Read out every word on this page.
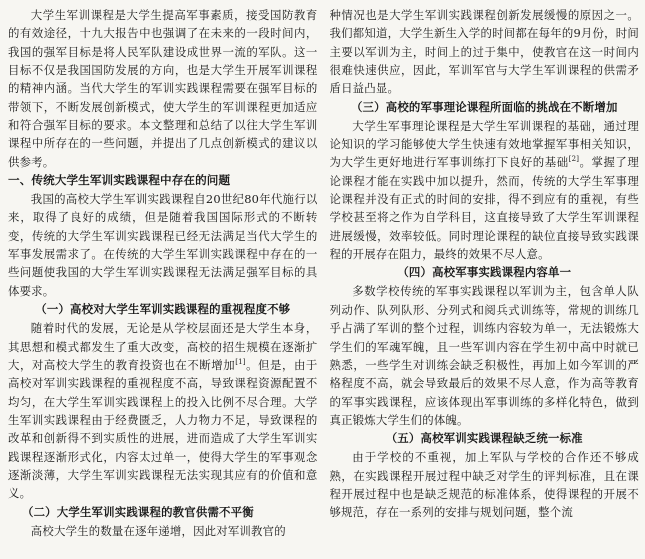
大学生军训课程是大学生提高军事素质，接受国防教育的有效途径，十九大报告中也强调了在未来的一段时间内，我国的强军目标是将人民军队建设成世界一流的军队。这一目标不仅是我国国防发展的方向，也是大学生开展军训课程的精神内涵。当代大学生的军训实践课程需要在强军目标的带领下，不断发展创新模式，使大学生的军训课程更加适应和符合强军目标的要求。本文整理和总结了以往大学生军训课程中所存在的一些问题，并提出了几点创新模式的建议以供参考。

一、传统大学生军训实践课程中存在的问题

我国的高校大学生军训实践课程自20世纪80年代施行以来，取得了良好的成绩，但是随着我国国际形式的不断转变，传统的大学生军训实践课程已经无法满足当代大学生的军事发展需求了。在传统的大学生军训实践课程中存在的一些问题使我国的大学生军训实践课程无法满足强军目标的具体要求。

（一）高校对大学生军训实践课程的重视程度不够

随着时代的发展，无论是从学校层面还是大学生本身，其思想和模式都发生了重大改变，高校的招生规模在逐渐扩大，对高校大学生的教育投资也在不断增加[1]。但是，由于高校对军训实践课程的重视程度不高，导致课程资源配置不均匀，在大学生军训实践课程上的投入比例不尽合理。大学生军训实践课程由于经费匮乏，人力物力不足，导致课程的改革和创新得不到实质性的进展，进而造成了大学生军训实践课程逐渐形式化，内容太过单一，使得大学生的军事观念逐渐淡薄，大学生军训实践课程无法实现其应有的价值和意义。

（二）大学生军训实践课程的教官供需不平衡

高校大学生的数量在逐年递增，因此对军训教官的

种情况也是大学生军训实践课程创新发展缓慢的原因之一。我们都知道，大学生新生入学的时间都在每年的9月份，时间主要以军训为主，时间上的过于集中，使教官在这一时间内很难快速供应，因此，军训军官与大学生军训课程的供需矛盾日益凸显。

（三）高校的军事理论课程所面临的挑战在不断增加

大学生军事理论课程是大学生军训课程的基础，通过理论知识的学习能够使大学生快速有效地掌握军事相关知识，为大学生更好地进行军事训练打下良好的基础[2]。掌握了理论课程才能在实践中加以提升，然而，传统的大学生军事理论课程并没有正式的时间的安排，得不到应有的重视，有些学校甚至将之作为自学科目，这直接导致了大学生军训课程进展缓慢，效率较低。同时理论课程的缺位直接导致实践课程的开展存在阻力，最终的效果不尽人意。

（四）高校军事实践课程内容单一

多数学校传统的军事实践课程以军训为主，包含单人队列动作、队列队形、分列式和阅兵式训练等，常规的训练几乎占满了军训的整个过程，训练内容较为单一，无法锻炼大学生们的军魂军魄，且一些军训内容在学生初中高中时就已熟悉，一些学生对训练会缺乏积极性，再加上如今军训的严格程度不高，就会导致最后的效果不尽人意，作为高等教育的军事实践课程，应该体现出军事训练的多样化特色，做到真正锻炼大学生们的体魄。

（五）高校军训实践课程缺乏统一标准

由于学校的不重视，加上军队与学校的合作还不够成熟，在实践课程开展过程中缺乏对学生的评判标准，且在课程开展过程中也是缺乏规范的标准体系，使得课程的开展不够规范，存在一系列的安排与规划问题，整个流
